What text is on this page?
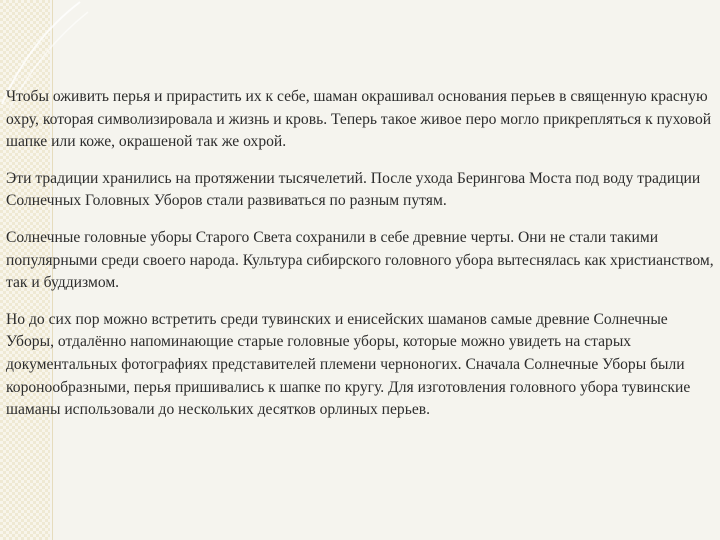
Чтобы оживить перья и прирастить их к себе, шаман окрашивал основания перьев в священную красную охру, которая символизировала и жизнь и кровь. Теперь такое живое перо могло прикрепляться к пуховой шапке или коже, окрашеной так же охрой.

Эти традиции хранились на протяжении тысячелетий. После ухода Берингова Моста под воду традиции Солнечных Головных Уборов стали развиваться по разным путям.

Солнечные головные уборы Старого Света сохранили в себе древние черты. Они не стали такими популярными среди своего народа. Культура сибирского головного убора вытеснялась как христианством, так и буддизмом.

Но до сих пор можно встретить среди тувинских и енисейских шаманов самые древние Солнечные Уборы, отдалённо напоминающие старые головные уборы, которые можно увидеть на старых документальных фотографиях представителей племени черноногих. Сначала Солнечные Уборы были коронообразными, перья пришивались к шапке по кругу. Для изготовления головного убора тувинские шаманы использовали до нескольких десятков орлиных перьев.
